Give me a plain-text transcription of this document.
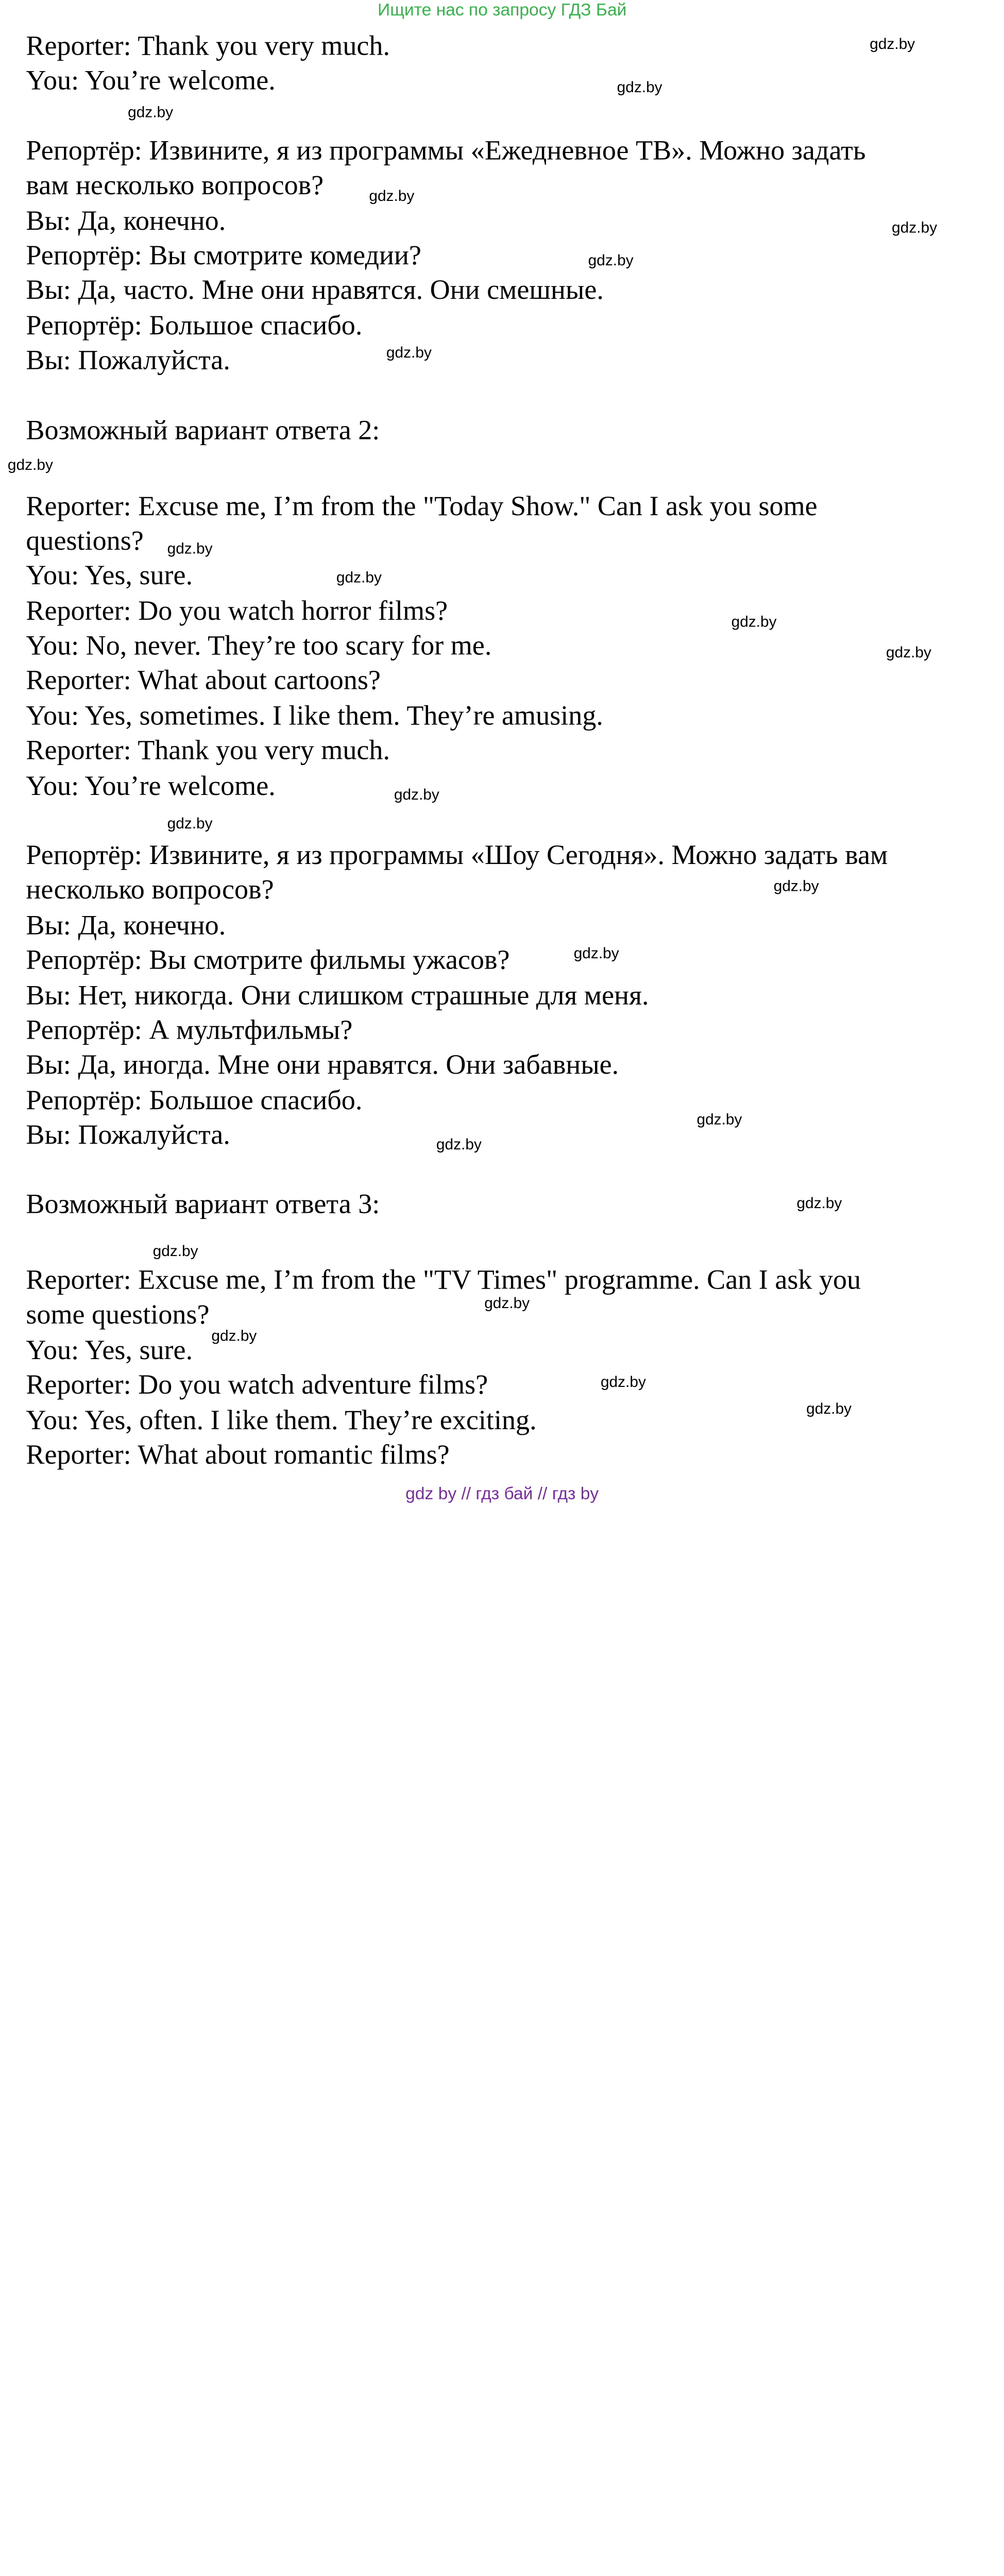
Ищите нас по запросу ГДЗ Бай
Reporter: Thank you very much.
You: You’re welcome.
Репортёр: Извините, я из программы «Ежедневное ТВ». Можно задать
вам несколько вопросов?
Вы: Да, конечно.
Репортёр: Вы смотрите комедии?
Вы: Да, часто. Мне они нравятся. Они смешные.
Репортёр: Большое спасибо.
Вы: Пожалуйста.
Возможный вариант ответа 2:
Reporter: Excuse me, I’m from the "Today Show." Can I ask you some
questions?
You: Yes, sure.
Reporter: Do you watch horror films?
You: No, never. They’re too scary for me.
Reporter: What about cartoons?
You: Yes, sometimes. I like them. They’re amusing.
Reporter: Thank you very much.
You: You’re welcome.
Репортёр: Извините, я из программы «Шоу Сегодня». Можно задать вам
несколько вопросов?
Вы: Да, конечно.
Репортёр: Вы смотрите фильмы ужасов?
Вы: Нет, никогда. Они слишком страшные для меня.
Репортёр: А мультфильмы?
Вы: Да, иногда. Мне они нравятся. Они забавные.
Репортёр: Большое спасибо.
Вы: Пожалуйста.
Возможный вариант ответа 3:
Reporter: Excuse me, I’m from the "TV Times" programme. Can I ask you
some questions?
You: Yes, sure.
Reporter: Do you watch adventure films?
You: Yes, often. I like them. They’re exciting.
Reporter: What about romantic films?
gdz.by
gdz.by
gdz.by
gdz.by
gdz.by
gdz.by
gdz.by
gdz.by
gdz.by
gdz.by
gdz.by
gdz.by
gdz.by
gdz.by
gdz.by
gdz.by
gdz.by
gdz.by
gdz.by
gdz.by
gdz.by
gdz.by
gdz.by
gdz.by
gdz by // гдз бай // гдз by
